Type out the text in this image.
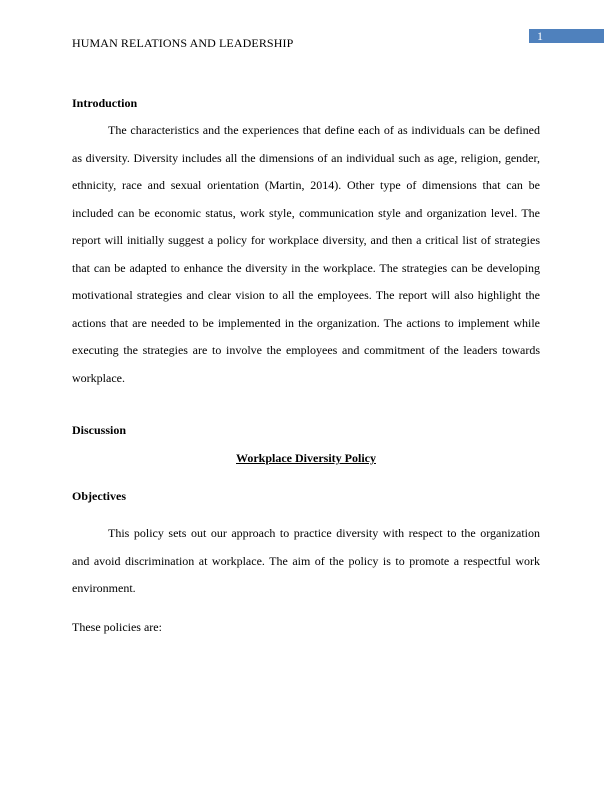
HUMAN RELATIONS AND LEADERSHIP	1
Introduction

The characteristics and the experiences that define each of as individuals can be defined as diversity. Diversity includes all the dimensions of an individual such as age, religion, gender, ethnicity, race and sexual orientation (Martin, 2014). Other type of dimensions that can be included can be economic status, work style, communication style and organization level. The report will initially suggest a policy for workplace diversity, and then a critical list of strategies that can be adapted to enhance the diversity in the workplace. The strategies can be developing motivational strategies and clear vision to all the employees. The report will also highlight the actions that are needed to be implemented in the organization. The actions to implement while executing the strategies are to involve the employees and commitment of the leaders towards workplace.

Discussion
Workplace Diversity Policy
Objectives

This policy sets out our approach to practice diversity with respect to the organization and avoid discrimination at workplace. The aim of the policy is to promote a respectful work environment.

These policies are:
